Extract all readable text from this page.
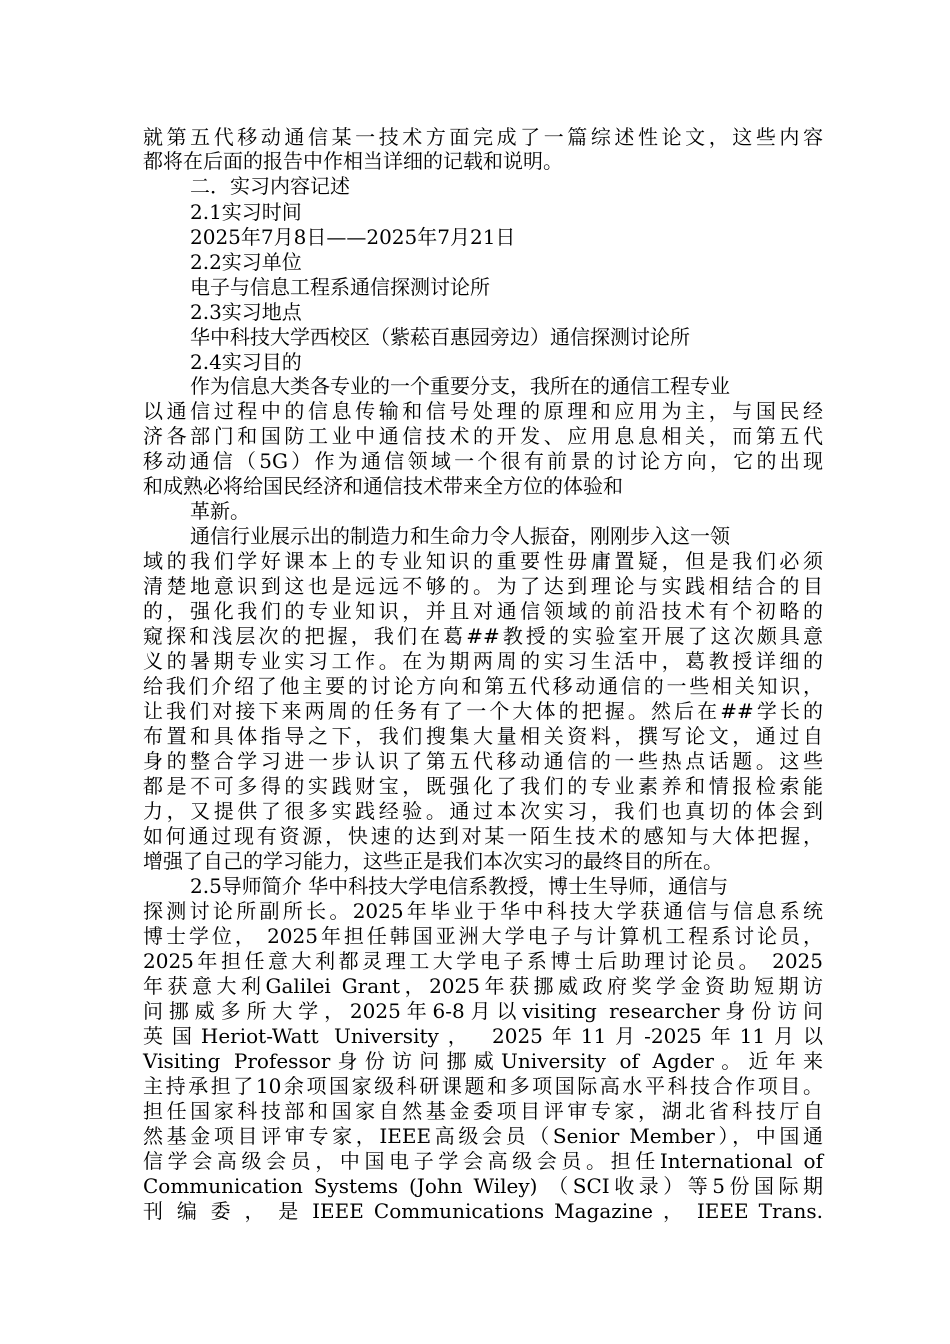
就第五代移动通信某一技术方面完成了一篇综述性论文，这些内容
都将在后面的报告中作相当详细的记载和说明。
二．实习内容记述
2.1实习时间
2025年7月8日——2025年7月21日
2.2实习单位
电子与信息工程系通信探测讨论所
2.3实习地点
华中科技大学西校区（紫菘百惠园旁边）通信探测讨论所
2.4实习目的
作为信息大类各专业的一个重要分支，我所在的通信工程专业
以通信过程中的信息传输和信号处理的原理和应用为主，与国民经
济各部门和国防工业中通信技术的开发、应用息息相关，而第五代
移动通信（5G）作为通信领域一个很有前景的讨论方向，它的出现
和成熟必将给国民经济和通信技术带来全方位的体验和
革新。
通信行业展示出的制造力和生命力令人振奋，刚刚步入这一领
域的我们学好课本上的专业知识的重要性毋庸置疑，但是我们必须
清楚地意识到这也是远远不够的。为了达到理论与实践相结合的目
的，强化我们的专业知识，并且对通信领域的前沿技术有个初略的
窥探和浅层次的把握，我们在葛##教授的实验室开展了这次颇具意
义的暑期专业实习工作。在为期两周的实习生活中，葛教授详细的
给我们介绍了他主要的讨论方向和第五代移动通信的一些相关知识，
让我们对接下来两周的任务有了一个大体的把握。然后在##学长的
布置和具体指导之下，我们搜集大量相关资料，撰写论文，通过自
身的整合学习进一步认识了第五代移动通信的一些热点话题。这些
都是不可多得的实践财宝，既强化了我们的专业素养和情报检索能
力，又提供了很多实践经验。通过本次实习，我们也真切的体会到
如何通过现有资源，快速的达到对某一陌生技术的感知与大体把握，
增强了自己的学习能力，这些正是我们本次实习的最终目的所在。
2.5导师简介 华中科技大学电信系教授，博士生导师，通信与
探测讨论所副所长。2025年毕业于华中科技大学获通信与信息系统
博士学位， 2025年担任韩国亚洲大学电子与计算机工程系讨论员，
2025年担任意大利都灵理工大学电子系博士后助理讨论员。 2025
年获意大利Galilei Grant，2025年获挪威政府奖学金资助短期访
问挪威多所大学，2025年6-8月以visiting researcher身份访问
英国Heriot-Watt University， 2025年11月-2025年11月以
Visiting Professor身份访问挪威University of Agder。近年来
主持承担了10余项国家级科研课题和多项国际高水平科技合作项目。
担任国家科技部和国家自然基金委项目评审专家，湖北省科技厅自
然基金项目评审专家，IEEE高级会员（Senior Member），中国通
信学会高级会员，中国电子学会高级会员。担任International of
Communication Systems (John Wiley) （SCI收录）等5份国际期
刊 编 委 ， 是 IEEE Communications Magazine ， IEEE Trans.
